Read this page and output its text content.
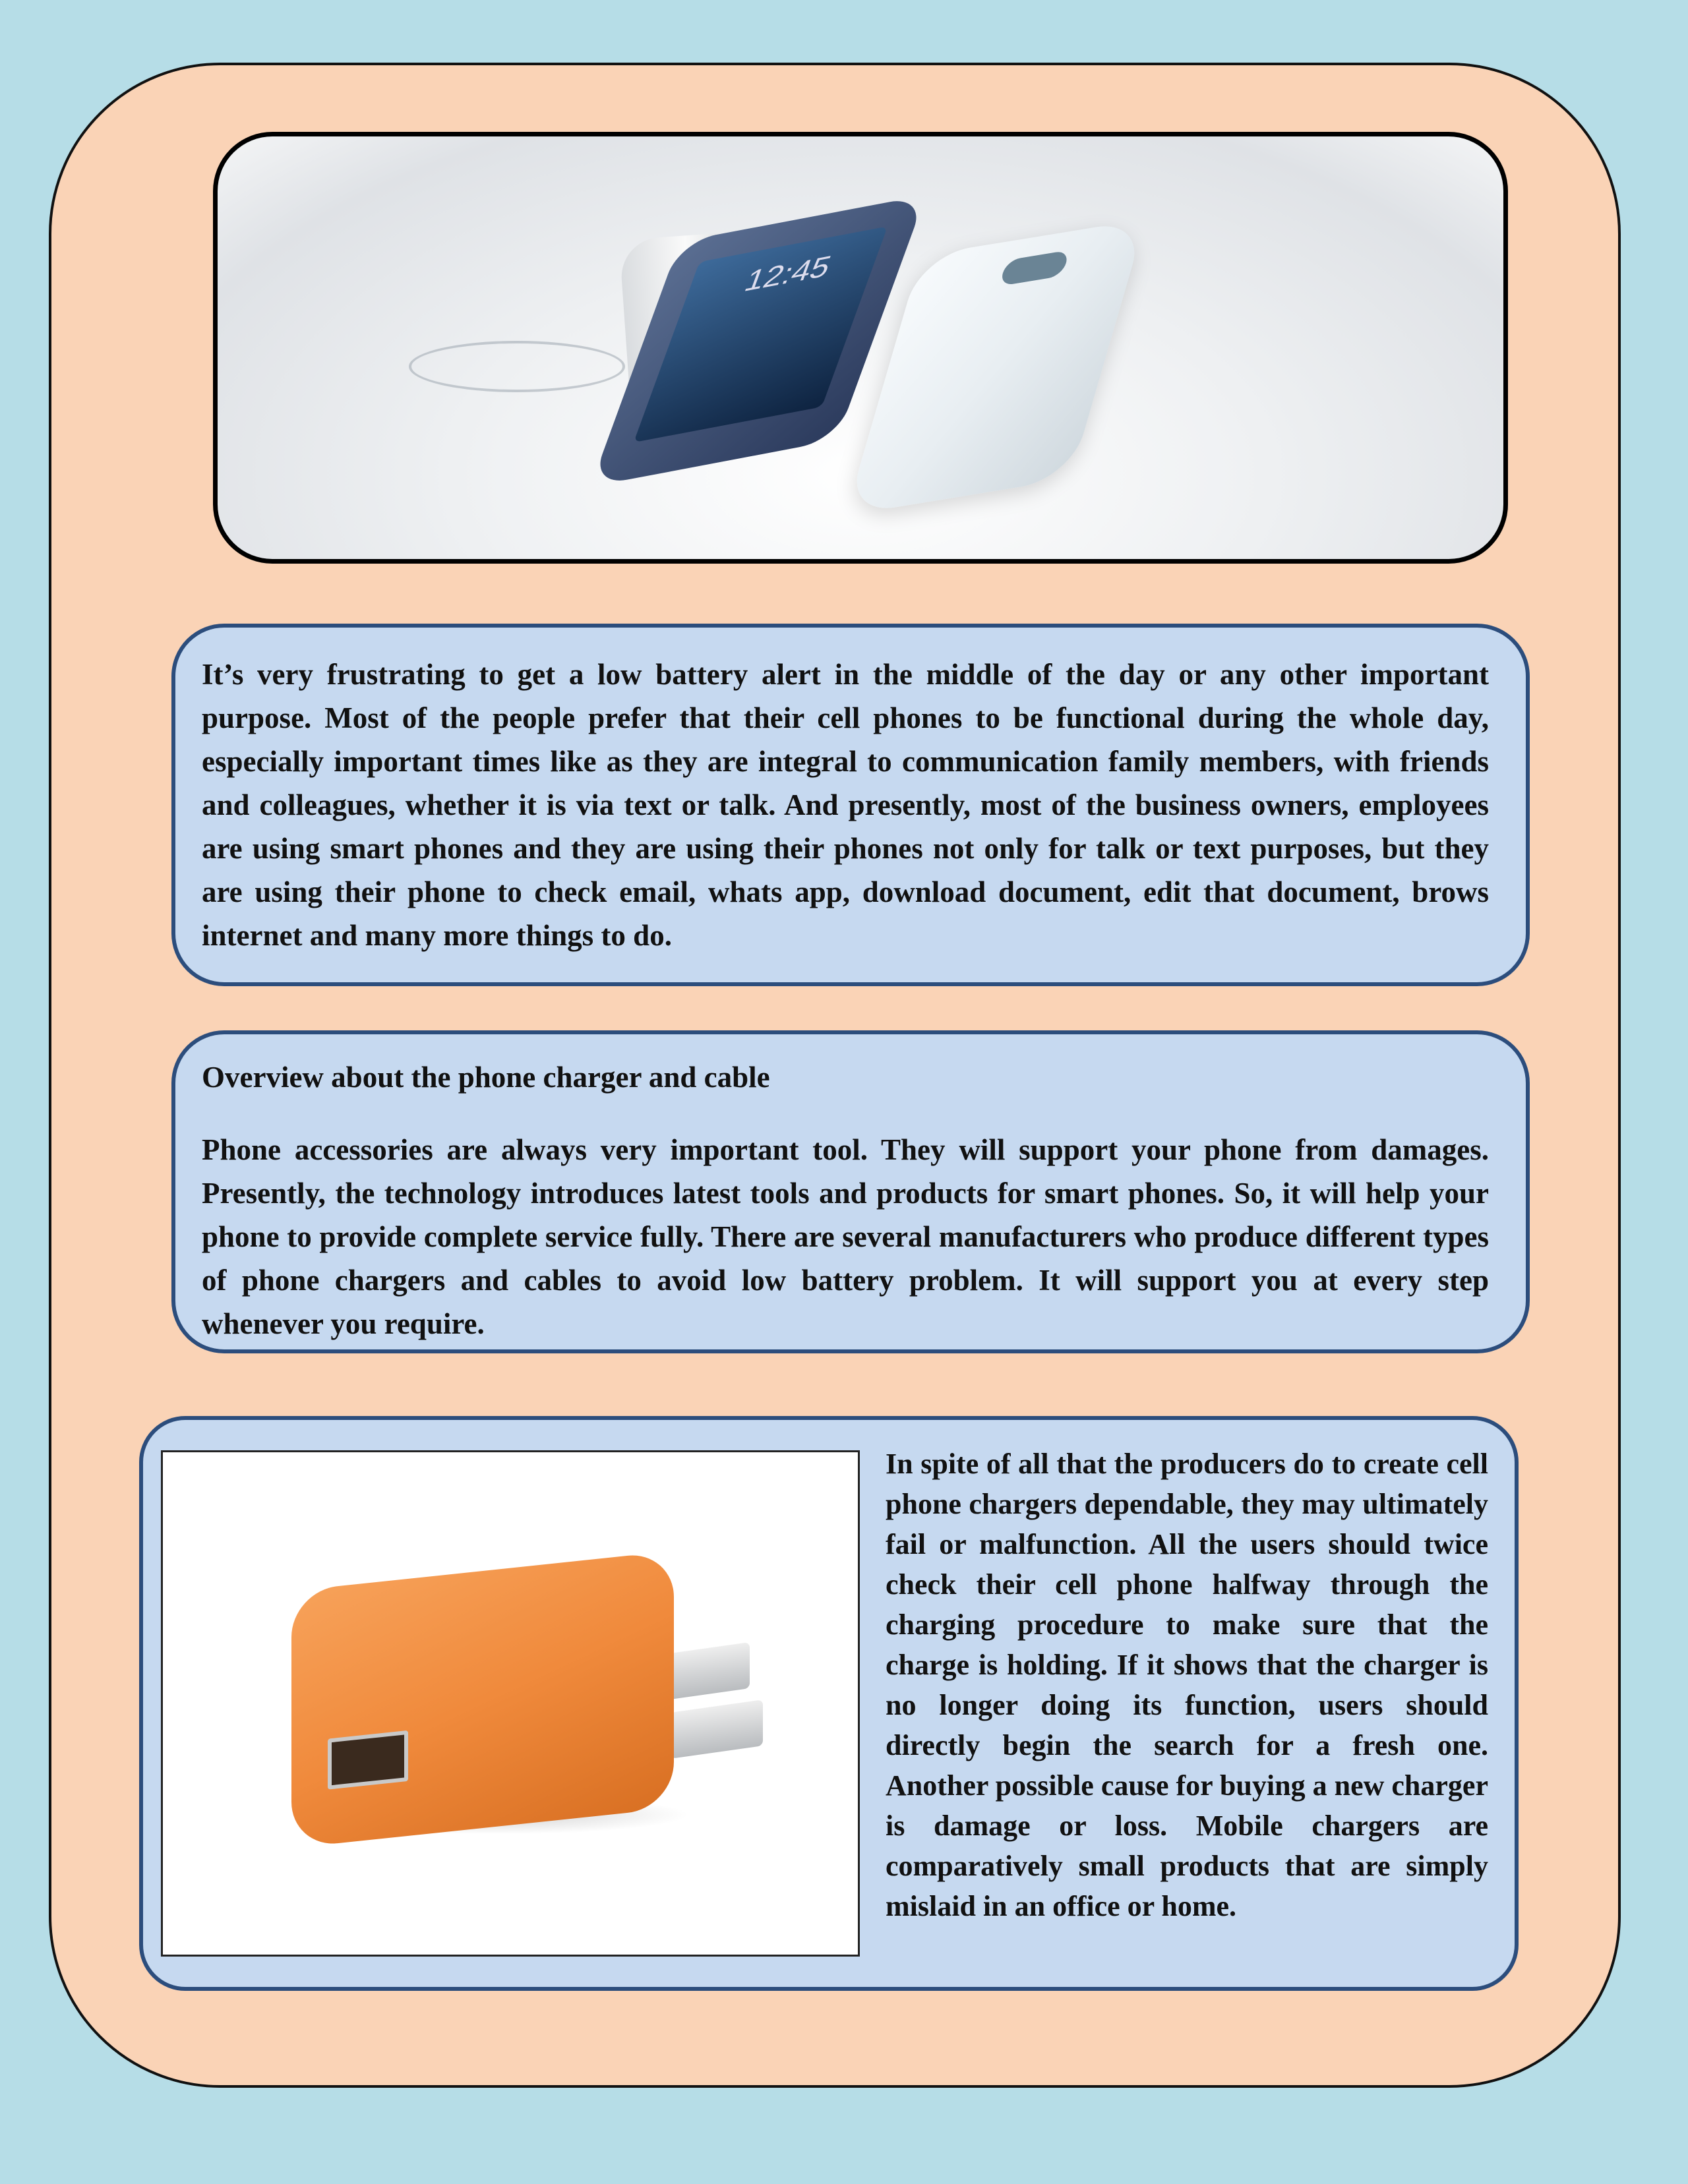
12:45

It’s very frustrating to get a low battery alert in the middle of the day or any other important purpose. Most of the people prefer that their cell phones to be functional during the whole day, especially important times like as they are integral to communication family members, with friends and colleagues, whether it is via text or talk. And presently, most of the business owners, employees are using smart phones and they are using their phones not only for talk or text purposes, but they are using their phone to check email, whats app, download document, edit that document, brows internet and many more things to do.

Overview about the phone charger and cable

Phone accessories are always very important tool. They will support your phone from damages. Presently, the technology introduces latest tools and products for smart phones. So, it will help your phone to provide complete service fully. There are several manufacturers who produce different types of phone chargers and cables to avoid low battery problem. It will support you at every step whenever you require.

In spite of all that the producers do to create cell phone chargers dependable, they may ultimately fail or malfunction. All the users should twice check their cell phone halfway through the charging procedure to make sure that the charge is holding. If it shows that the charger is no longer doing its function, users should directly begin the search for a fresh one. Another possible cause for buying a new charger is damage or loss. Mobile chargers are comparatively small products that are simply mislaid in an office or home.
